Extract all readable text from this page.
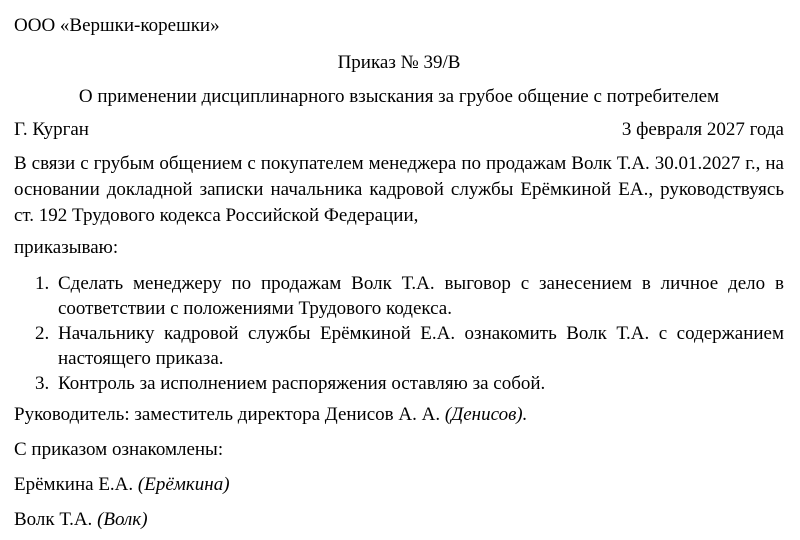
ООО «Вершки-корешки»
Приказ № 39/В
О применении дисциплинарного взыскания за грубое общение с потребителем
Г. Курган	3 февраля 2027 года
В связи с грубым общением с покупателем менеджера по продажам Волк Т.А. 30.01.2027 г., на основании докладной записки начальника кадровой службы Ерёмкиной ЕА., руководствуясь ст. 192 Трудового кодекса Российской Федерации,
приказываю:
1. Сделать менеджеру по продажам Волк Т.А. выговор с занесением в личное дело в соответствии с положениями Трудового кодекса.
2. Начальнику кадровой службы Ерёмкиной Е.А. ознакомить Волк Т.А. с содержанием настоящего приказа.
3. Контроль за исполнением распоряжения оставляю за собой.
Руководитель: заместитель директора Денисов А. А. (Денисов).
С приказом ознакомлены:
Ерёмкина Е.А. (Ерёмкина)
Волк Т.А. (Волк)
